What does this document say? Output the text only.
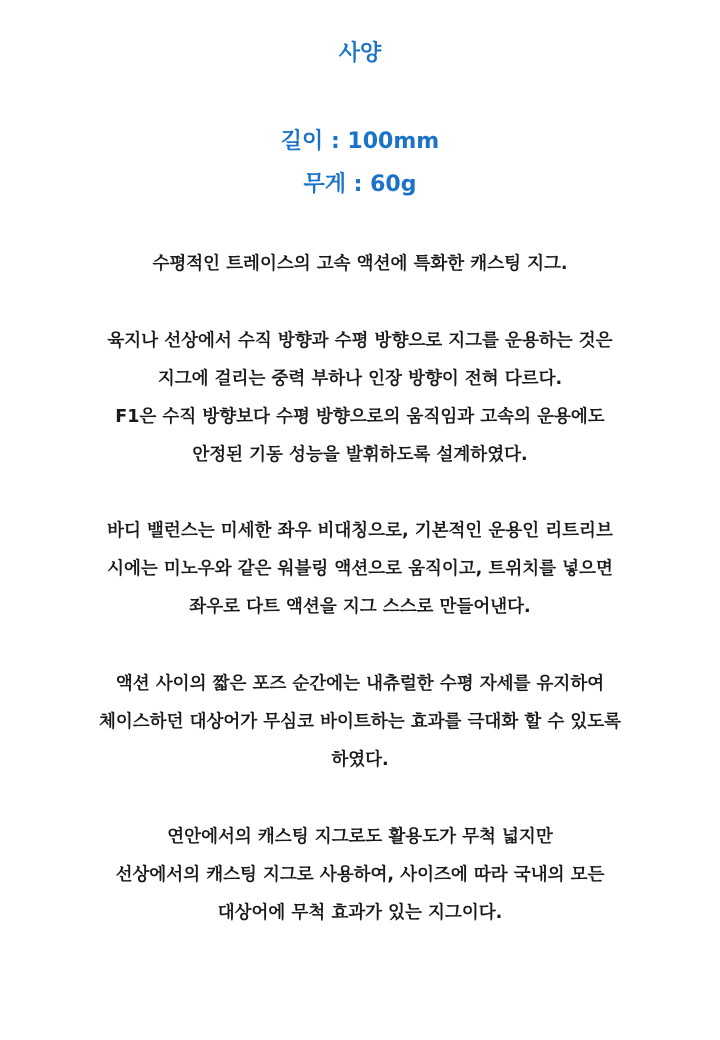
사양
길이 : 100mm
무게 : 60g
수평적인 트레이스의 고속 액션에 특화한 캐스팅 지그.
육지나 선상에서 수직 방향과 수평 방향으로 지그를 운용하는 것은
지그에 걸리는 중력 부하나 인장 방향이 전혀 다르다.
F1은 수직 방향보다 수평 방향으로의 움직임과 고속의 운용에도
안정된 기동 성능을 발휘하도록 설계하였다.
바디 밸런스는 미세한 좌우 비대칭으로, 기본적인 운용인 리트리브
시에는 미노우와 같은 워블링 액션으로 움직이고, 트위치를 넣으면
좌우로 다트 액션을 지그 스스로 만들어낸다.
액션 사이의 짧은 포즈 순간에는 내츄럴한 수평 자세를 유지하여
체이스하던 대상어가 무심코 바이트하는 효과를 극대화 할 수 있도록
하였다.
연안에서의 캐스팅 지그로도 활용도가 무척 넓지만
선상에서의 캐스팅 지그로 사용하여, 사이즈에 따라 국내의 모든
대상어에 무척 효과가 있는 지그이다.
